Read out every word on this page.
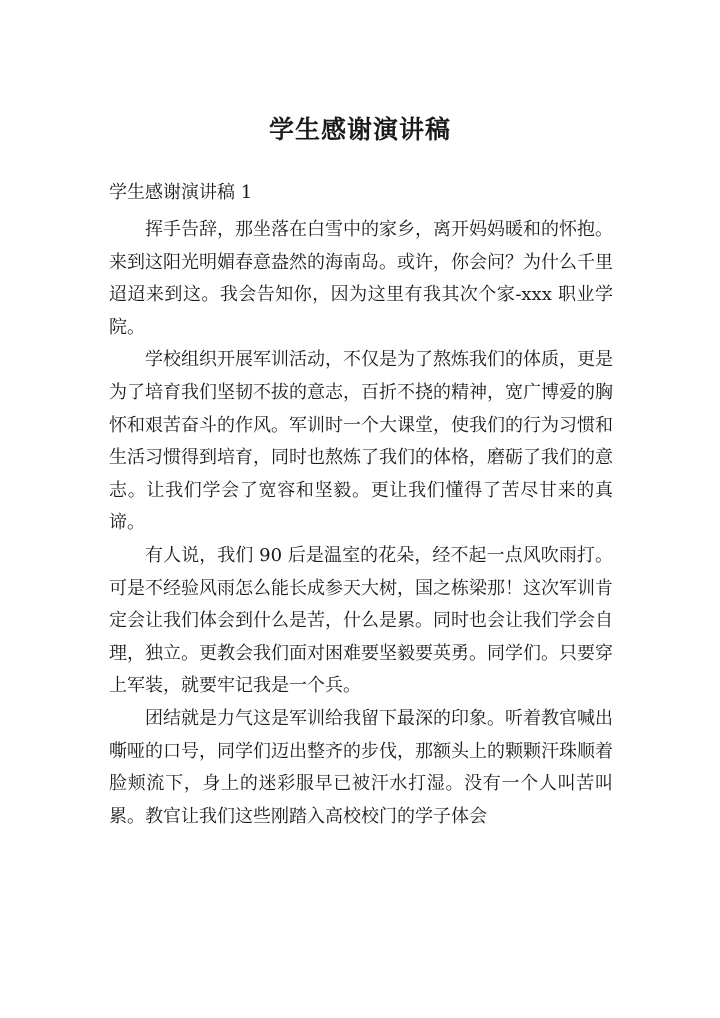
学生感谢演讲稿
学生感谢演讲稿 1

挥手告辞，那坐落在白雪中的家乡，离开妈妈暖和的怀抱。来到这阳光明媚春意盎然的海南岛。或许，你会问？为什么千里迢迢来到这。我会告知你，因为这里有我其次个家-xxx 职业学院。

学校组织开展军训活动，不仅是为了熬炼我们的体质，更是为了培育我们坚韧不拔的意志，百折不挠的精神，宽广博爱的胸怀和艰苦奋斗的作风。军训时一个大课堂，使我们的行为习惯和生活习惯得到培育，同时也熬炼了我们的体格，磨砺了我们的意志。让我们学会了宽容和坚毅。更让我们懂得了苦尽甘来的真谛。

有人说，我们 90 后是温室的花朵，经不起一点风吹雨打。可是不经验风雨怎么能长成参天大树，国之栋梁那！这次军训肯定会让我们体会到什么是苦，什么是累。同时也会让我们学会自理，独立。更教会我们面对困难要坚毅要英勇。同学们。只要穿上军装，就要牢记我是一个兵。

团结就是力气这是军训给我留下最深的印象。听着教官喊出嘶哑的口号，同学们迈出整齐的步伐，那额头上的颗颗汗珠顺着脸颊流下，身上的迷彩服早已被汗水打湿。没有一个人叫苦叫累。教官让我们这些刚踏入高校校门的学子体会
